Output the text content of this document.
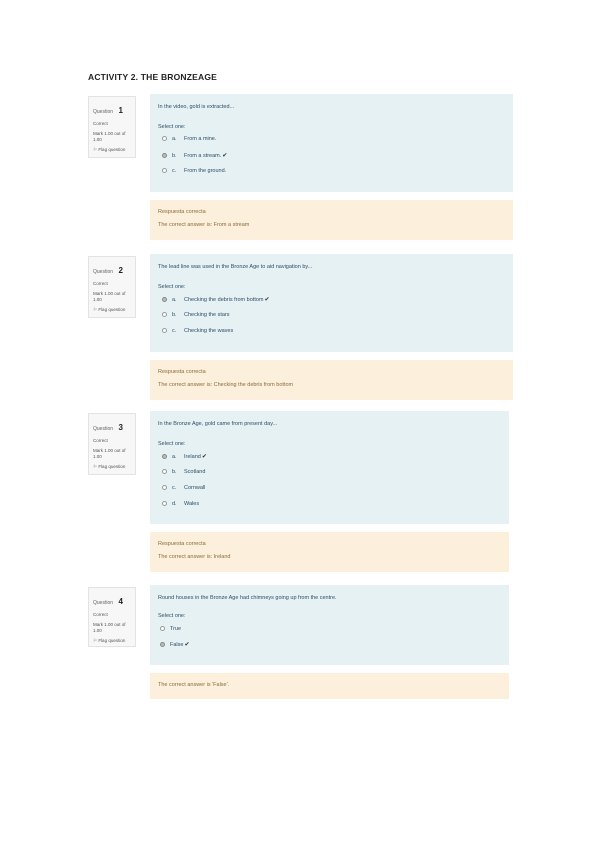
ACTIVITY 2. THE BRONZEAGE
Question 1
Correct
Mark 1.00 out of 1.00
⚐ Flag question
In the video, gold is extracted...
Select one:
a. From a mine.
b. From a stream.✔
c. From the ground.
Respuesta correcta
The correct answer is: From a stream
Question 2
Correct
Mark 1.00 out of 1.00
⚐ Flag question
The lead line was used in the Bronze Age to aid navigation by...
Select one:
a. Checking the debris from bottom✔
b. Checking the stars
c. Checking the waves
Respuesta correcta
The correct answer is: Checking the debris from bottom
Question 3
Correct
Mark 1.00 out of 1.00
⚐ Flag question
In the Bronze Age, gold came from present day...
Select one:
a. Ireland✔
b. Scotland
c. Cornwall
d. Wales
Respuesta correcta
The correct answer is: Ireland
Question 4
Correct
Mark 1.00 out of 1.00
⚐ Flag question
Round houses in the Bronze Age had chimneys going up from the centre.
Select one:
True
False✔
The correct answer is 'False'.
